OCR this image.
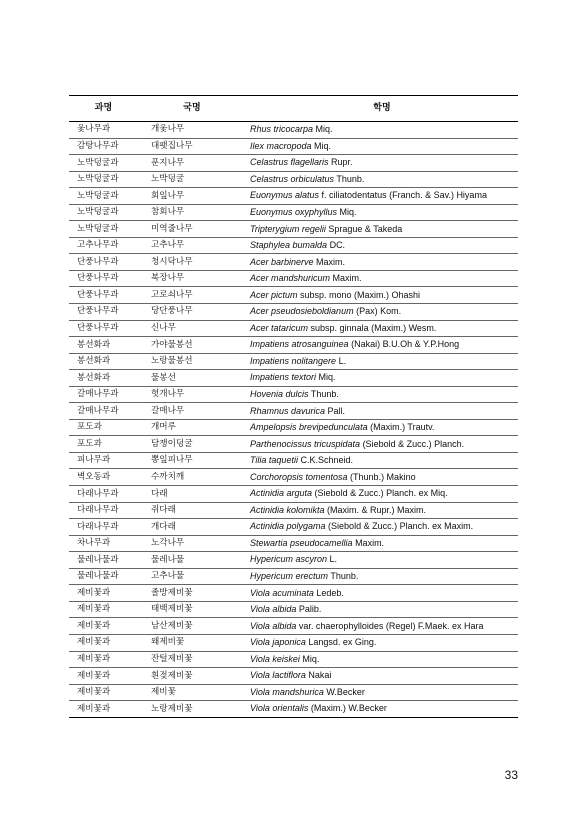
과명	국명	학명
옻나무과	개옻나무	Rhus tricocarpa Miq.
감탕나무과	대팻집나무	Ilex macropoda Miq.
노박덩굴과	푼지나무	Celastrus flagellaris Rupr.
노박덩굴과	노박덩굴	Celastrus orbiculatus Thunb.
노박덩굴과	회잎나무	Euonymus alatus f. ciliatodentatus (Franch. & Sav.) Hiyama
노박덩굴과	참회나무	Euonymus oxyphyllus Miq.
노박덩굴과	미역줄나무	Tripterygium regelii Sprague & Takeda
고추나무과	고추나무	Staphylea bumalda DC.
단풍나무과	청시닥나무	Acer barbinerve Maxim.
단풍나무과	복장나무	Acer mandshuricum Maxim.
단풍나무과	고로쇠나무	Acer pictum subsp. mono (Maxim.) Ohashi
단풍나무과	당단풍나무	Acer pseudosieboldianum (Pax) Kom.
단풍나무과	신나무	Acer tataricum subsp. ginnala (Maxim.) Wesm.
봉선화과	가야물봉선	Impatiens atrosanguinea (Nakai) B.U.Oh & Y.P.Hong
봉선화과	노랑물봉선	Impatiens nolitangere L.
봉선화과	물봉선	Impatiens textori Miq.
갈매나무과	헛개나무	Hovenia dulcis Thunb.
갈매나무과	갈매나무	Rhamnus davurica Pall.
포도과	개머루	Ampelopsis brevipedunculata (Maxim.) Trautv.
포도과	담쟁이덩굴	Parthenocissus tricuspidata (Siebold & Zucc.) Planch.
피나무과	뽕잎피나무	Tilia taquetii C.K.Schneid.
벽오동과	수까치깨	Corchoropsis tomentosa (Thunb.) Makino
다래나무과	다래	Actinidia arguta (Siebold & Zucc.) Planch. ex Miq.
다래나무과	쥐다래	Actinidia kolomikta (Maxim. & Rupr.) Maxim.
다래나무과	개다래	Actinidia polygama (Siebold & Zucc.) Planch. ex Maxim.
차나무과	노각나무	Stewartia pseudocamellia Maxim.
물레나물과	물레나물	Hypericum ascyron L.
물레나물과	고추나물	Hypericum erectum Thunb.
제비꽃과	졸방제비꽃	Viola acuminata Ledeb.
제비꽃과	태백제비꽃	Viola albida Palib.
제비꽃과	남산제비꽃	Viola albida var. chaerophylloides (Regel) F.Maek. ex Hara
제비꽃과	왜제비꽃	Viola japonica Langsd. ex Ging.
제비꽃과	잔털제비꽃	Viola keiskei Miq.
제비꽃과	흰젖제비꽃	Viola lactiflora Nakai
제비꽃과	제비꽃	Viola mandshurica W.Becker
제비꽃과	노랑제비꽃	Viola orientalis (Maxim.) W.Becker
33
